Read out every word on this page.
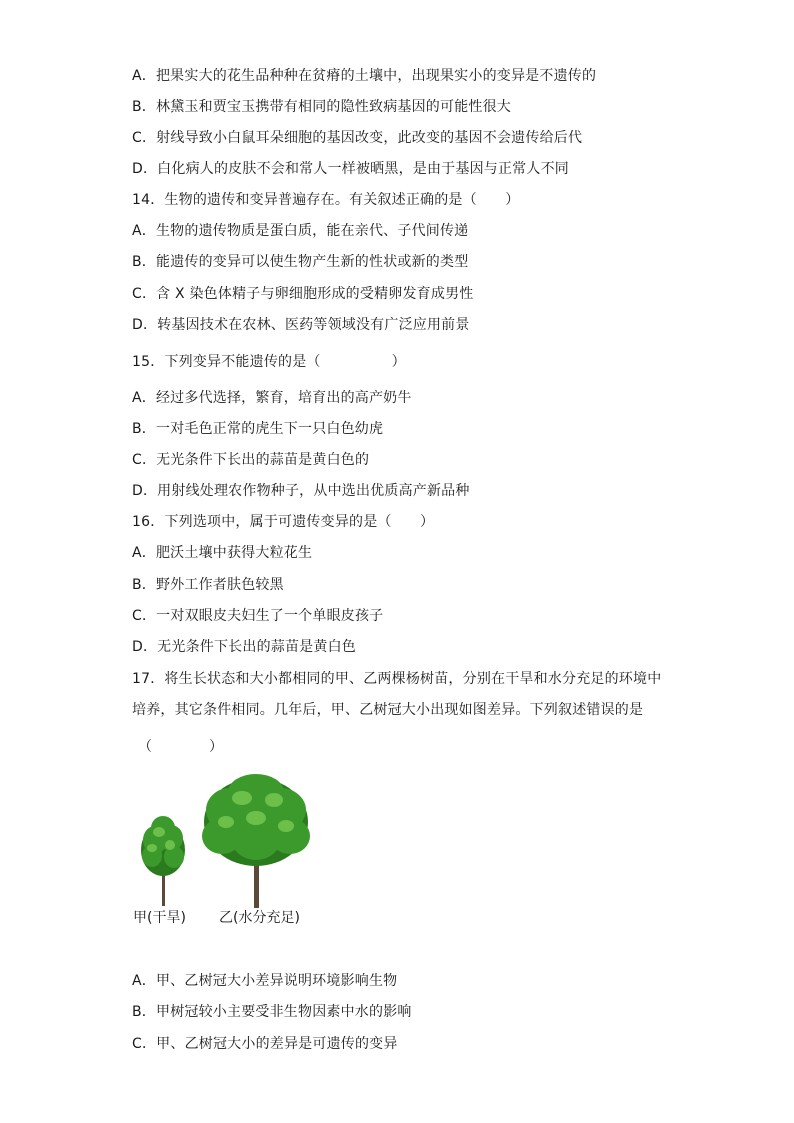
A．把果实大的花生品种种在贫瘠的土壤中，出现果实小的变异是不遗传的
B．林黛玉和贾宝玉携带有相同的隐性致病基因的可能性很大
C．射线导致小白鼠耳朵细胞的基因改变，此改变的基因不会遗传给后代
D．白化病人的皮肤不会和常人一样被晒黑，是由于基因与正常人不同
14．生物的遗传和变异普遍存在。有关叙述正确的是（　　）
A．生物的遗传物质是蛋白质，能在亲代、子代间传递
B．能遗传的变异可以使生物产生新的性状或新的类型
C．含 X 染色体精子与卵细胞形成的受精卵发育成男性
D．转基因技术在农林、医药等领域没有广泛应用前景
15．下列变异不能遗传的是（　　　　　）
A．经过多代选择，繁育，培育出的高产奶牛
B．一对毛色正常的虎生下一只白色幼虎
C．无光条件下长出的蒜苗是黄白色的
D．用射线处理农作物种子，从中选出优质高产新品种
16．下列选项中，属于可遗传变异的是（　　）
A．肥沃土壤中获得大粒花生
B．野外工作者肤色较黑
C．一对双眼皮夫妇生了一个单眼皮孩子
D．无光条件下长出的蒜苗是黄白色
17．将生长状态和大小都相同的甲、乙两棵杨树苗，分别在干旱和水分充足的环境中
培养，其它条件相同。几年后，甲、乙树冠大小出现如图差异。下列叙述错误的是
（　　　　）
甲(干旱) 乙(水分充足)
A．甲、乙树冠大小差异说明环境影响生物
B．甲树冠较小主要受非生物因素中水的影响
C．甲、乙树冠大小的差异是可遗传的变异
